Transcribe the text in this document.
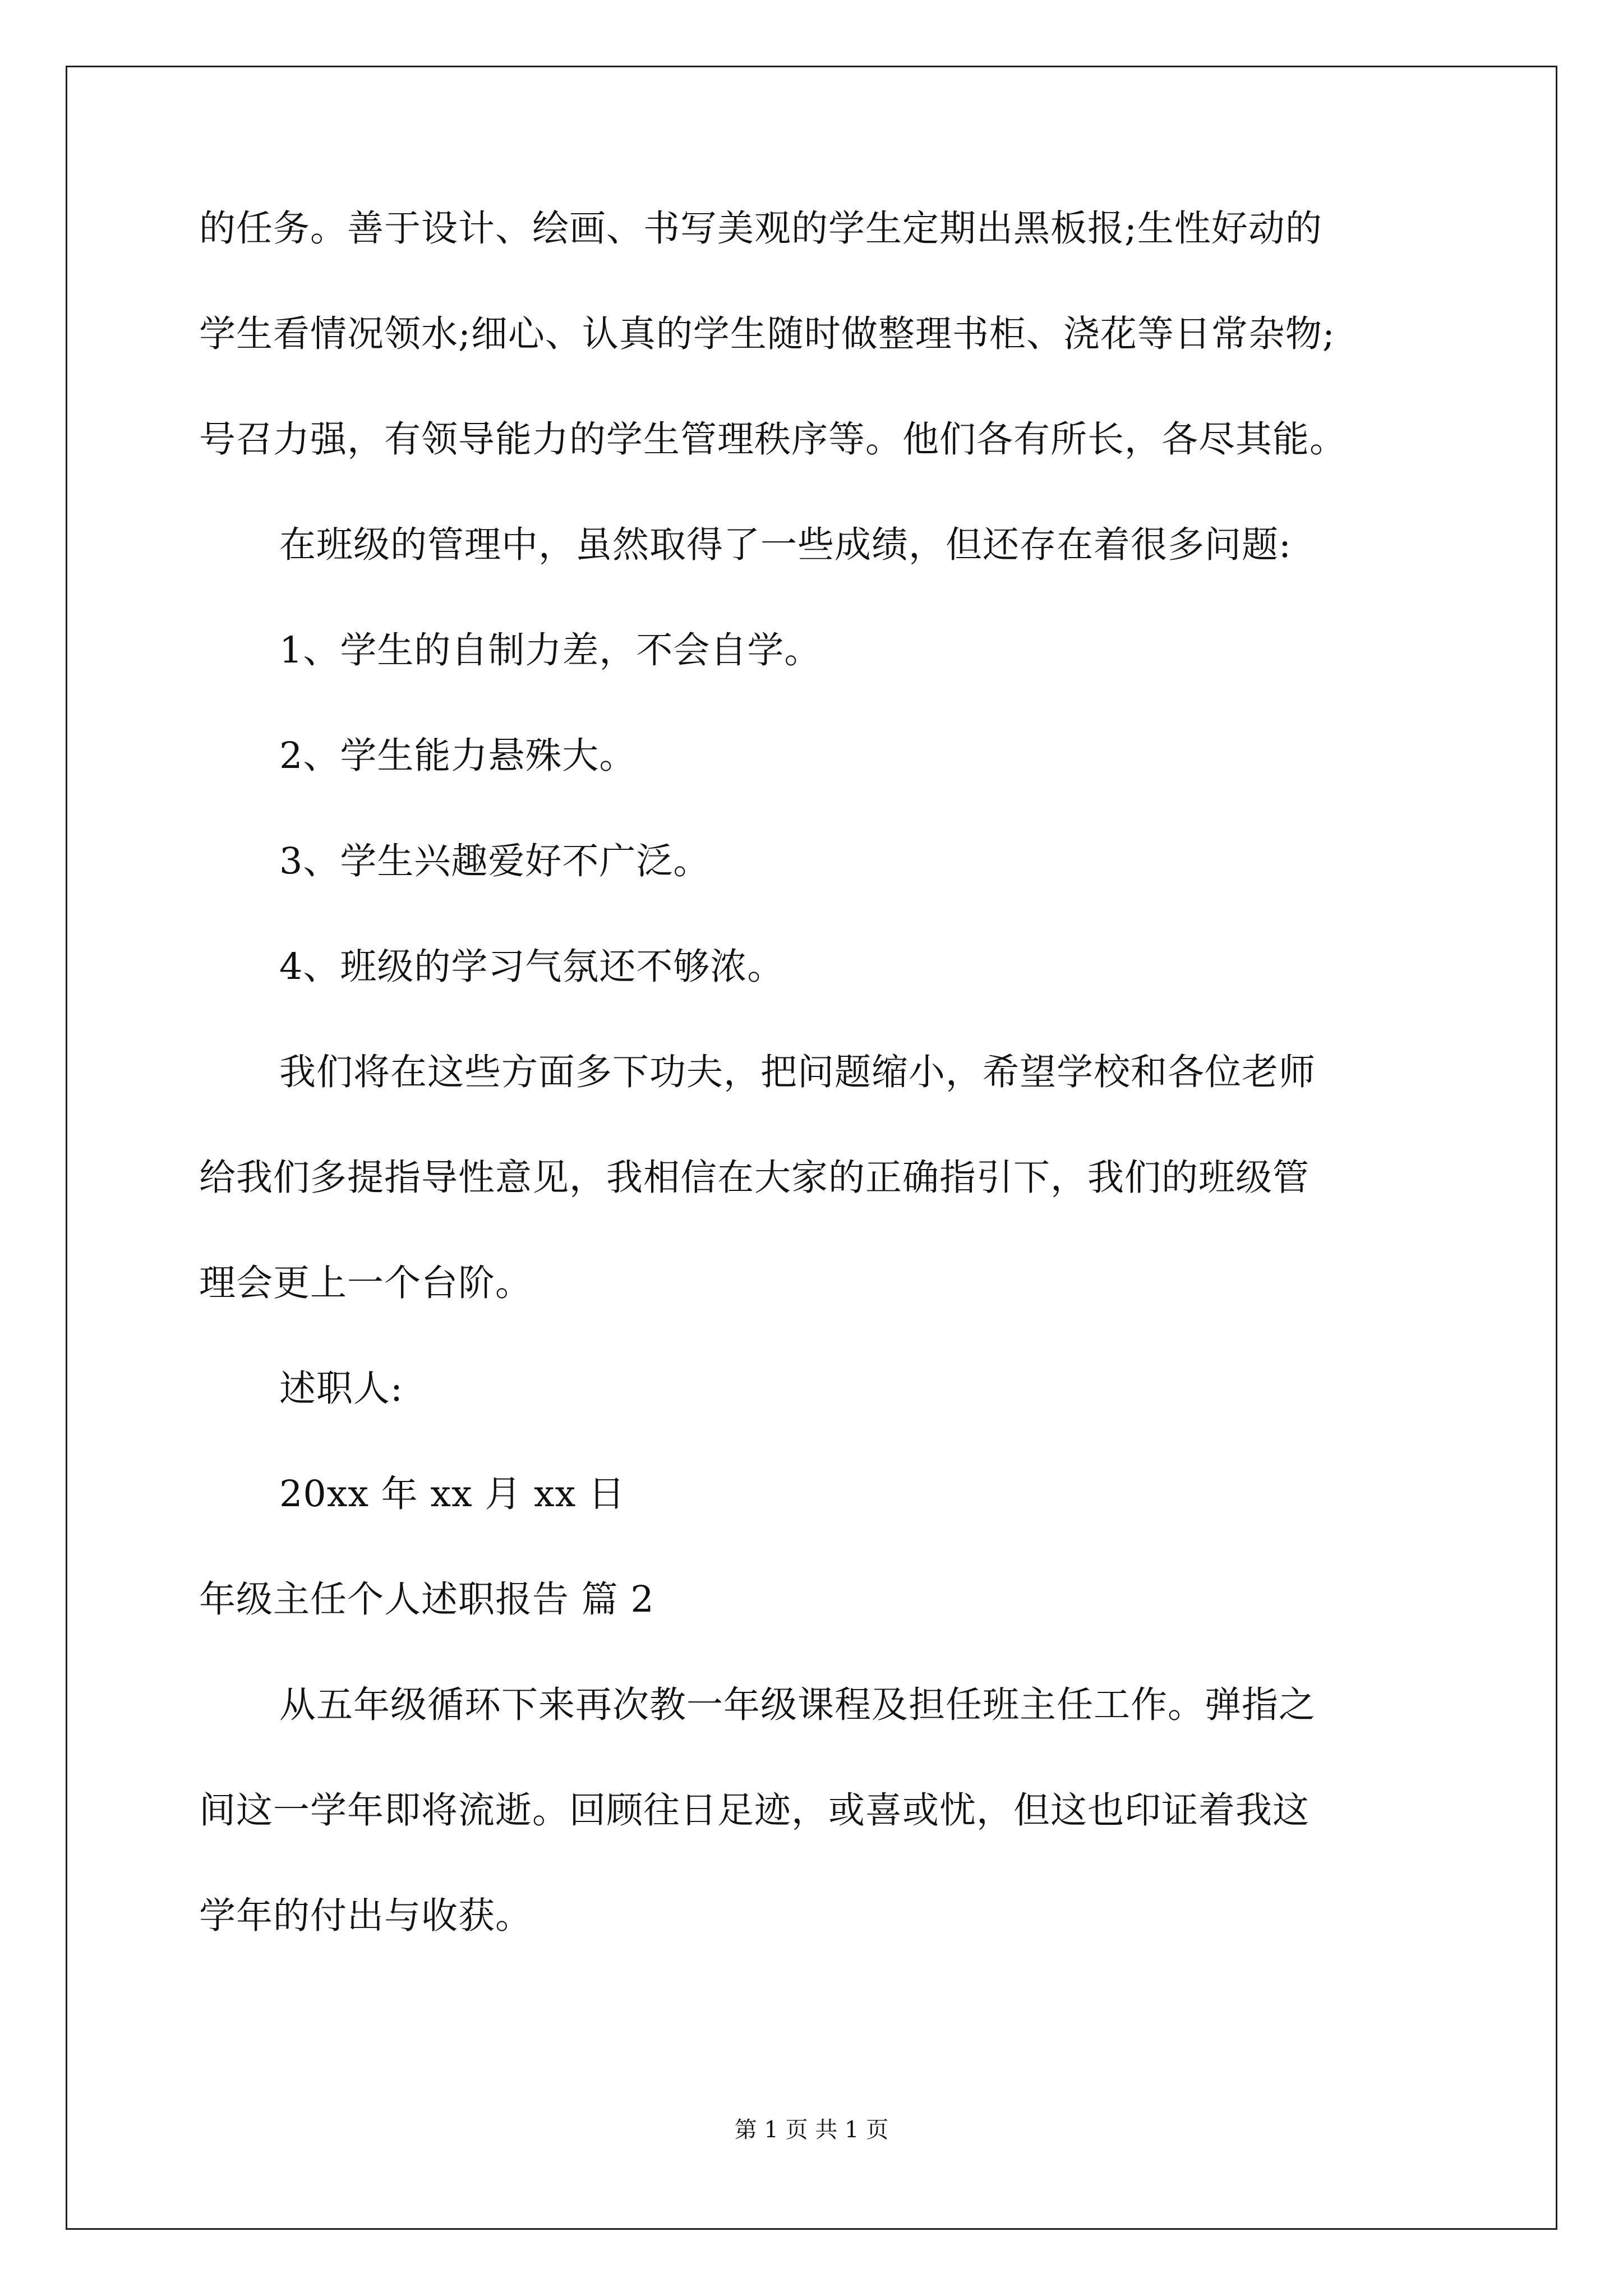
的任务。善于设计、绘画、书写美观的学生定期出黑板报;生性好动的
学生看情况领水;细心、认真的学生随时做整理书柜、浇花等日常杂物;
号召力强，有领导能力的学生管理秩序等。他们各有所长，各尽其能。
在班级的管理中，虽然取得了一些成绩，但还存在着很多问题:
1、学生的自制力差，不会自学。
2、学生能力悬殊大。
3、学生兴趣爱好不广泛。
4、班级的学习气氛还不够浓。
我们将在这些方面多下功夫，把问题缩小，希望学校和各位老师
给我们多提指导性意见，我相信在大家的正确指引下，我们的班级管
理会更上一个台阶。
述职人:
20xx 年 xx 月 xx 日
年级主任个人述职报告 篇 2
从五年级循环下来再次教一年级课程及担任班主任工作。弹指之
间这一学年即将流逝。回顾往日足迹，或喜或忧，但这也印证着我这
学年的付出与收获。
第 1 页 共 1 页
